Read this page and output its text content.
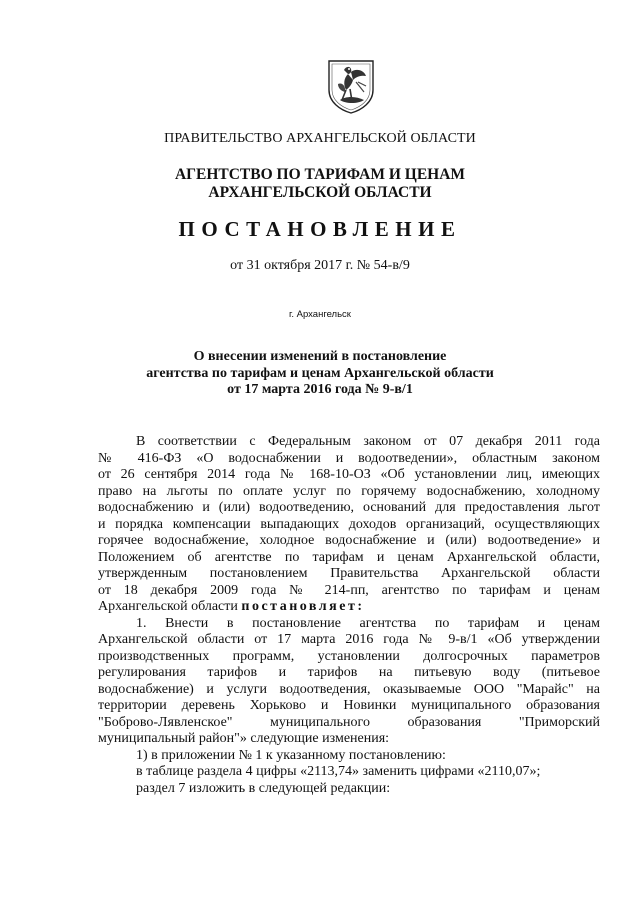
ПРАВИТЕЛЬСТВО АРХАНГЕЛЬСКОЙ ОБЛАСТИ

АГЕНТСТВО ПО ТАРИФАМ И ЦЕНАМ
АРХАНГЕЛЬСКОЙ ОБЛАСТИ

ПОСТАНОВЛЕНИЕ

от 31 октября 2017 г. № 54-в/9

г. Архангельск

О внесении изменений в постановление
агентства по тарифам и ценам Архангельской области
от 17 марта 2016 года № 9-в/1

В соответствии с Федеральным законом от 07 декабря 2011 года

№ 416-ФЗ «О водоснабжении и водоотведении», областным законом

от 26 сентября 2014 года № 168-10-ОЗ «Об установлении лиц, имеющих

право на льготы по оплате услуг по горячему водоснабжению, холодному

водоснабжению и (или) водоотведению, оснований для предоставления льгот

и порядка компенсации выпадающих доходов организаций, осуществляющих

горячее водоснабжение, холодное водоснабжение и (или) водоотведение» и

Положением об агентстве по тарифам и ценам Архангельской области,

утвержденным постановлением Правительства Архангельской области

от 18 декабря 2009 года № 214-пп, агентство по тарифам и ценам

Архангельской области постановляет:

1. Внести в постановление агентства по тарифам и ценам

Архангельской области от 17 марта 2016 года № 9-в/1 «Об утверждении

производственных программ, установлении долгосрочных параметров

регулирования тарифов и тарифов на питьевую воду (питьевое

водоснабжение) и услуги водоотведения, оказываемые ООО "Марайс" на

территории деревень Хорьково и Новинки муниципального образования

"Боброво-Лявленское" муниципального образования "Приморский

муниципальный район"» следующие изменения:

1) в приложении № 1 к указанному постановлению:

в таблице раздела 4 цифры «2113,74» заменить цифрами «2110,07»;

раздел 7 изложить в следующей редакции:
